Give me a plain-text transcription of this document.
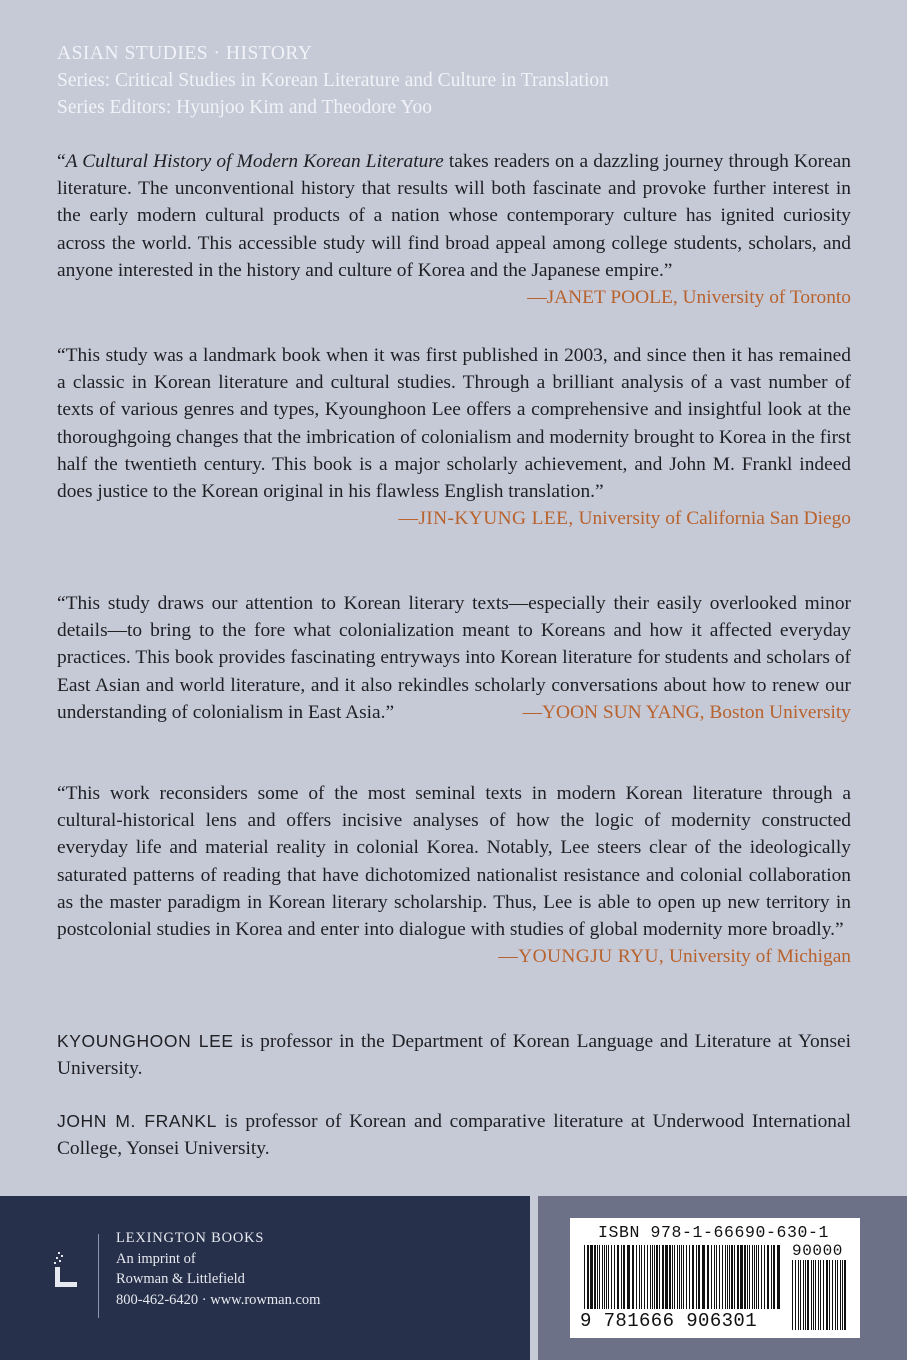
ASIAN STUDIES · HISTORY
Series: Critical Studies in Korean Literature and Culture in Translation
Series Editors: Hyunjoo Kim and Theodore Yoo

“A Cultural History of Modern Korean Literature takes readers on a dazzling journey through Korean literature. The unconventional history that results will both fascinate and provoke further interest in the early modern cultural products of a nation whose contemporary culture has ignited curiosity across the world. This accessible study will find broad appeal among college students, scholars, and anyone interested in the history and culture of Korea and the Japanese empire.”
—JANET POOLE, University of Toronto

“This study was a landmark book when it was first published in 2003, and since then it has remained a classic in Korean literature and cultural studies. Through a brilliant analysis of a vast number of texts of various genres and types, Kyounghoon Lee offers a comprehensive and insightful look at the thoroughgoing changes that the imbrication of colonialism and modernity brought to Korea in the first half the twentieth century. This book is a major scholarly achievement, and John M. Frankl indeed does justice to the Korean original in his flawless English translation.”

—JIN-KYUNG LEE, University of California San Diego

“This study draws our attention to Korean literary texts—especially their easily overlooked minor details—to bring to the fore what colonialization meant to Koreans and how it affected everyday practices. This book provides fascinating entryways into Korean literature for students and scholars of East Asian and world literature, and it also rekindles scholarly conversations about how to renew our understanding of colonialism in East Asia.”	—YOON SUN YANG, Boston University

“This work reconsiders some of the most seminal texts in modern Korean literature through a cultural-historical lens and offers incisive analyses of how the logic of modernity constructed everyday life and material reality in colonial Korea. Notably, Lee steers clear of the ideologically saturated patterns of reading that have dichotomized nationalist resistance and colonial collaboration as the master paradigm in Korean literary scholarship. Thus, Lee is able to open up new territory in postcolonial studies in Korea and enter into dialogue with studies of global modernity more broadly.”

—YOUNGJU RYU, University of Michigan
KYOUNGHOON LEE is professor in the Department of Korean Language and Literature at Yonsei University.
JOHN M. FRANKL is professor of Korean and comparative literature at Underwood International College, Yonsei University.
LEXINGTON BOOKS
An imprint of
Rowman & Littlefield
800-462-6420 · www.rowman.com
ISBN 978-1-66690-630-1
9 781666 906301
90000
